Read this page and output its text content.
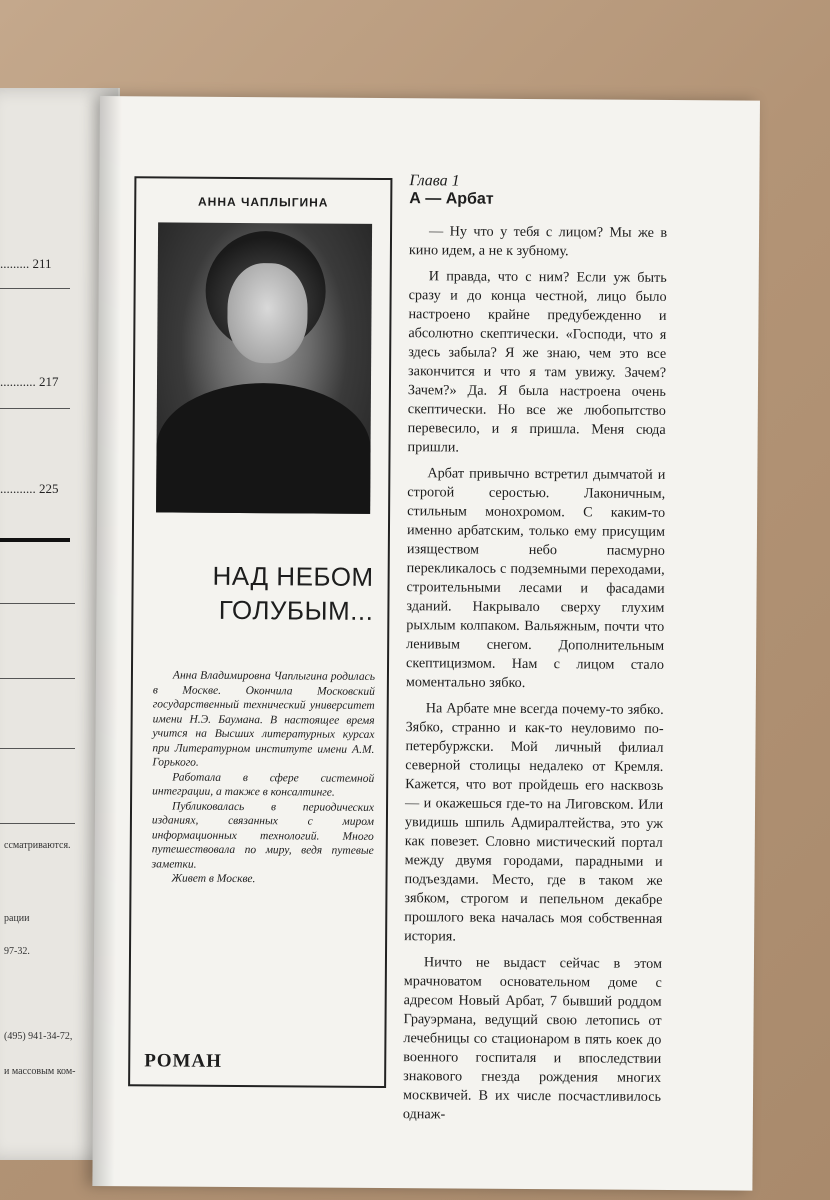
......... 211
........... 217
........... 225
ссматриваются.
рации
97-32.
(495) 941-34-72,
и массовым ком-
АННА ЧАПЛЫГИНА
НАД НЕБОМ ГОЛУБЫМ...

Анна Владимировна Чаплыгина родилась в Москве. Окончила Московский государственный технический университет имени Н.Э. Баумана. В настоящее время учится на Высших литературных курсах при Литературном институте имени А.М. Горького.

Работала в сфере системной интеграции, а также в консалтинге.

Публиковалась в периодических изданиях, связанных с миром информационных технологий. Много путешествовала по миру, ведя путевые заметки.

Живет в Москве.

РОМАН
Глава 1
А — Арбат

— Ну что у тебя с лицом? Мы же в кино идем, а не к зубному.

И правда, что с ним? Если уж быть сразу и до конца честной, лицо было настроено крайне предубежденно и абсолютно скептически. «Господи, что я здесь забыла? Я же знаю, чем это все закончится и что я там увижу. Зачем? Зачем?» Да. Я была настроена очень скептически. Но все же любопытство перевесило, и я пришла. Меня сюда пришли.

Арбат привычно встретил дымчатой и строгой серостью. Лаконичным, стильным монохромом. С каким-то именно арбатским, только ему присущим изяществом небо пасмурно перекликалось с подземными переходами, строительными лесами и фасадами зданий. Накрывало сверху глухим рыхлым колпаком. Вальяжным, почти что ленивым снегом. Дополнительным скептицизмом. Нам с лицом стало моментально зябко.

На Арбате мне всегда почему-то зябко. Зябко, странно и как-то неуловимо по-петербуржски. Мой личный филиал северной столицы недалеко от Кремля. Кажется, что вот пройдешь его насквозь — и окажешься где-то на Лиговском. Или увидишь шпиль Адмиралтейства, это уж как повезет. Словно мистический портал между двумя городами, парадными и подъездами. Место, где в таком же зябком, строгом и пепельном декабре прошлого века началась моя собственная история.

Ничто не выдаст сейчас в этом мрачноватом основательном доме с адресом Новый Арбат, 7 бывший роддом Грауэрмана, ведущий свою летопись от лечебницы со стационаром в пять коек до военного госпиталя и впоследствии знакового гнезда рождения многих москвичей. В их числе посчастливилось однаж-
